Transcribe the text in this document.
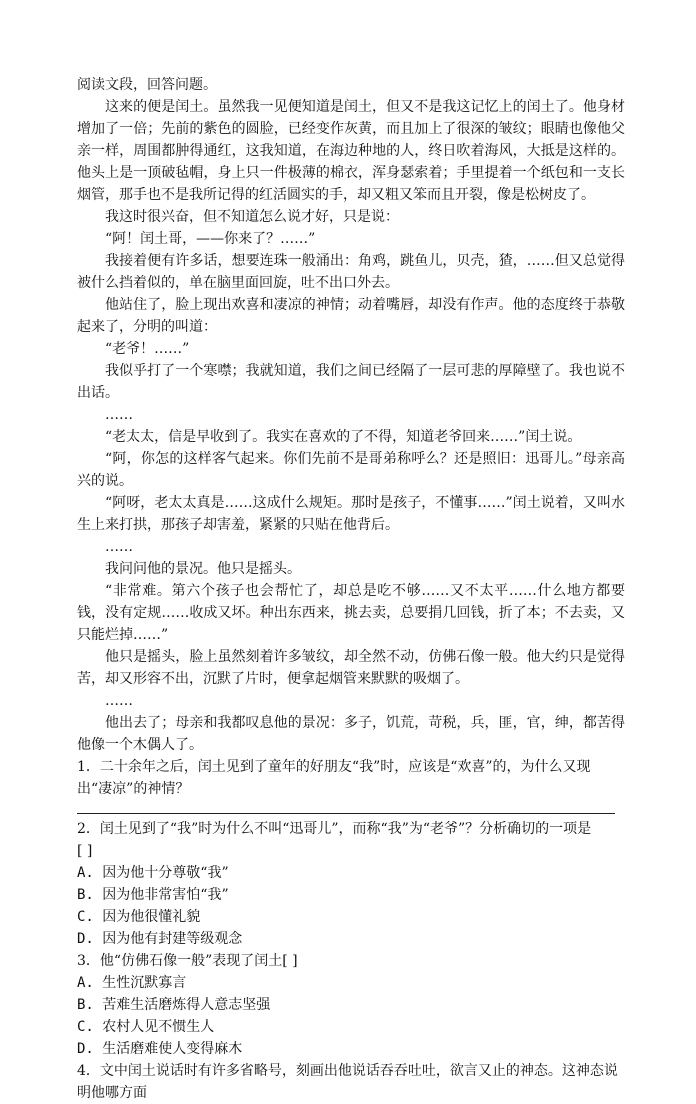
阅读文段，回答问题。

这来的便是闰土。虽然我一见便知道是闰土，但又不是我这记忆上的闰土了。他身材增加了一倍；先前的紫色的圆脸，已经变作灰黄，而且加上了很深的皱纹；眼睛也像他父亲一样，周围都肿得通红，这我知道，在海边种地的人，终日吹着海风，大抵是这样的。他头上是一顶破毡帽，身上只一件极薄的棉衣，浑身瑟索着；手里提着一个纸包和一支长烟管，那手也不是我所记得的红活圆实的手，却又粗又笨而且开裂，像是松树皮了。

我这时很兴奋，但不知道怎么说才好，只是说：

“阿！闰土哥，——你来了？……”

我接着便有许多话，想要连珠一般涌出：角鸡，跳鱼儿，贝壳，猹，……但又总觉得被什么挡着似的，单在脑里面回旋，吐不出口外去。

他站住了，脸上现出欢喜和凄凉的神情；动着嘴唇，却没有作声。他的态度终于恭敬起来了，分明的叫道：

“老爷！……”

我似乎打了一个寒噤；我就知道，我们之间已经隔了一层可悲的厚障壁了。我也说不出话。

……

“老太太，信是早收到了。我实在喜欢的了不得，知道老爷回来……”闰土说。

“阿，你怎的这样客气起来。你们先前不是哥弟称呼么？还是照旧：迅哥儿。”母亲高兴的说。

“阿呀，老太太真是……这成什么规矩。那时是孩子，不懂事……”闰土说着，又叫水生上来打拱，那孩子却害羞，紧紧的只贴在他背后。

……

我问问他的景况。他只是摇头。

“非常难。第六个孩子也会帮忙了，却总是吃不够……又不太平……什么地方都要钱，没有定规……收成又坏。种出东西来，挑去卖，总要捐几回钱，折了本；不去卖，又只能烂掉……”

他只是摇头，脸上虽然刻着许多皱纹，却全然不动，仿佛石像一般。他大约只是觉得苦，却又形容不出，沉默了片时，便拿起烟管来默默的吸烟了。

……

他出去了；母亲和我都叹息他的景况：多子，饥荒，苛税，兵，匪，官，绅，都苦得他像一个木偶人了。

1．二十余年之后，闰土见到了童年的好朋友“我”时，应该是“欢喜”的，为什么又现出“凄凉”的神情？

2．闰土见到了“我”时为什么不叫“迅哥儿”，而称“我”为“老爷”？分析确切的一项是
[ ]

A. 因为他十分尊敬“我”

B. 因为他非常害怕“我”

C. 因为他很懂礼貌

D. 因为他有封建等级观念

3．他“仿佛石像一般”表现了闰土[ ]

A. 生性沉默寡言

B. 苦难生活磨炼得人意志坚强

C. 农村人见不惯生人

D. 生活磨难使人变得麻木

4．文中闰土说话时有许多省略号，刻画出他说话吞吞吐吐，欲言又止的神态。这神态说明他哪方面
